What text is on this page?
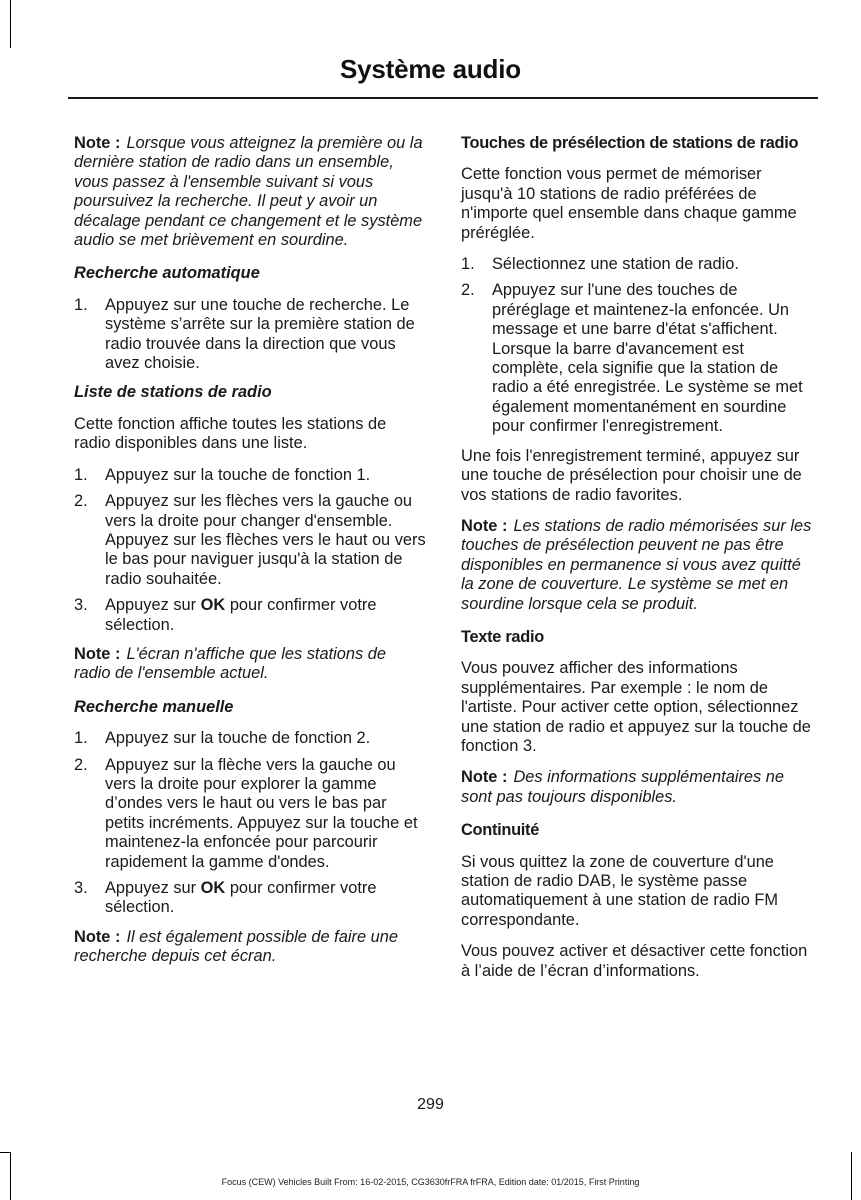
Système audio

Note : Lorsque vous atteignez la première ou la dernière station de radio dans un ensemble, vous passez à l'ensemble suivant si vous poursuivez la recherche. Il peut y avoir un décalage pendant ce changement et le système audio se met brièvement en sourdine.

Recherche automatique
1. Appuyez sur une touche de recherche. Le système s’arrête sur la première station de radio trouvée dans la direction que vous avez choisie.
Liste de stations de radio

Cette fonction affiche toutes les stations de radio disponibles dans une liste.

1. Appuyez sur la touche de fonction 1.
2. Appuyez sur les flèches vers la gauche ou vers la droite pour changer d'ensemble. Appuyez sur les flèches vers le haut ou vers le bas pour naviguer jusqu'à la station de radio souhaitée.
3. Appuyez sur OK pour confirmer votre sélection.

Note : L'écran n'affiche que les stations de radio de l'ensemble actuel.

Recherche manuelle
1. Appuyez sur la touche de fonction 2.
2. Appuyez sur la flèche vers la gauche ou vers la droite pour explorer la gamme d’ondes vers le haut ou vers le bas par petits incréments. Appuyez sur la touche et maintenez-la enfoncée pour parcourir rapidement la gamme d'ondes.
3. Appuyez sur OK pour confirmer votre sélection.

Note : Il est également possible de faire une recherche depuis cet écran.

Touches de présélection de stations de radio

Cette fonction vous permet de mémoriser jusqu'à 10 stations de radio préférées de n'importe quel ensemble dans chaque gamme préréglée.

1. Sélectionnez une station de radio.
2. Appuyez sur l'une des touches de préréglage et maintenez-la enfoncée. Un message et une barre d'état s'affichent. Lorsque la barre d'avancement est complète, cela signifie que la station de radio a été enregistrée. Le système se met également momentanément en sourdine pour confirmer l'enregistrement.

Une fois l'enregistrement terminé, appuyez sur une touche de présélection pour choisir une de vos stations de radio favorites.

Note : Les stations de radio mémorisées sur les touches de présélection peuvent ne pas être disponibles en permanence si vous avez quitté la zone de couverture. Le système se met en sourdine lorsque cela se produit.

Texte radio

Vous pouvez afficher des informations supplémentaires. Par exemple : le nom de l'artiste. Pour activer cette option, sélectionnez une station de radio et appuyez sur la touche de fonction 3.

Note : Des informations supplémentaires ne sont pas toujours disponibles.

Continuité

Si vous quittez la zone de couverture d'une station de radio DAB, le système passe automatiquement à une station de radio FM correspondante.

Vous pouvez activer et désactiver cette fonction à l’aide de l’écran d’informations.

299
Focus (CEW) Vehicles Built From: 16-02-2015, CG3630frFRA frFRA, Edition date: 01/2015, First Printing
